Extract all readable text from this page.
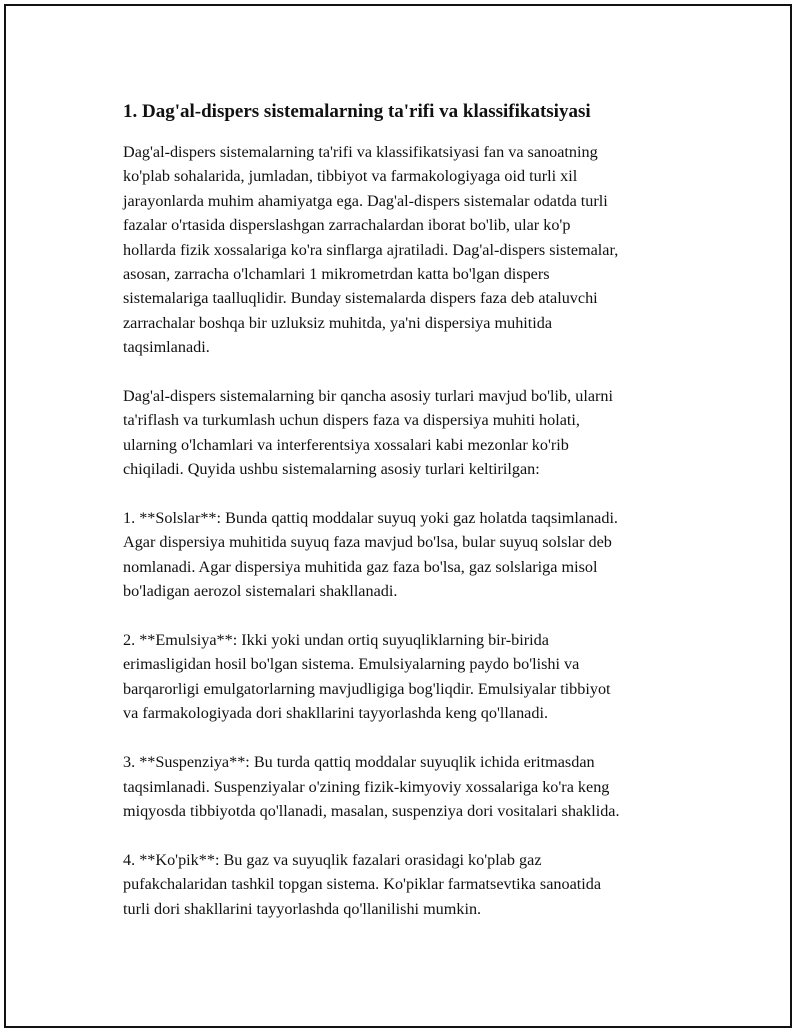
1. Dag'al-dispers sistemalarning ta'rifi va klassifikatsiyasi

Dag'al-dispers sistemalarning ta'rifi va klassifikatsiyasi fan va sanoatning
ko'plab sohalarida, jumladan, tibbiyot va farmakologiyaga oid turli xil
jarayonlarda muhim ahamiyatga ega. Dag'al-dispers sistemalar odatda turli
fazalar o'rtasida disperslashgan zarrachalardan iborat bo'lib, ular ko'p
hollarda fizik xossalariga ko'ra sinflarga ajratiladi. Dag'al-dispers sistemalar,
asosan, zarracha o'lchamlari 1 mikrometrdan katta bo'lgan dispers
sistemalariga taalluqlidir. Bunday sistemalarda dispers faza deb ataluvchi
zarrachalar boshqa bir uzluksiz muhitda, ya'ni dispersiya muhitida
taqsimlanadi.

Dag'al-dispers sistemalarning bir qancha asosiy turlari mavjud bo'lib, ularni
ta'riflash va turkumlash uchun dispers faza va dispersiya muhiti holati,
ularning o'lchamlari va interferentsiya xossalari kabi mezonlar ko'rib
chiqiladi. Quyida ushbu sistemalarning asosiy turlari keltirilgan:

1. **Solslar**: Bunda qattiq moddalar suyuq yoki gaz holatda taqsimlanadi.
Agar dispersiya muhitida suyuq faza mavjud bo'lsa, bular suyuq solslar deb
nomlanadi. Agar dispersiya muhitida gaz faza bo'lsa, gaz solslariga misol
bo'ladigan aerozol sistemalari shakllanadi.

2. **Emulsiya**: Ikki yoki undan ortiq suyuqliklarning bir-birida
erimasligidan hosil bo'lgan sistema. Emulsiyalarning paydo bo'lishi va
barqarorligi emulgatorlarning mavjudligiga bog'liqdir. Emulsiyalar tibbiyot
va farmakologiyada dori shakllarini tayyorlashda keng qo'llanadi.

3. **Suspenziya**: Bu turda qattiq moddalar suyuqlik ichida eritmasdan
taqsimlanadi. Suspenziyalar o'zining fizik-kimyoviy xossalariga ko'ra keng
miqyosda tibbiyotda qo'llanadi, masalan, suspenziya dori vositalari shaklida.

4. **Ko'pik**: Bu gaz va suyuqlik fazalari orasidagi ko'plab gaz
pufakchalaridan tashkil topgan sistema. Ko'piklar farmatsevtika sanoatida
turli dori shakllarini tayyorlashda qo'llanilishi mumkin.
